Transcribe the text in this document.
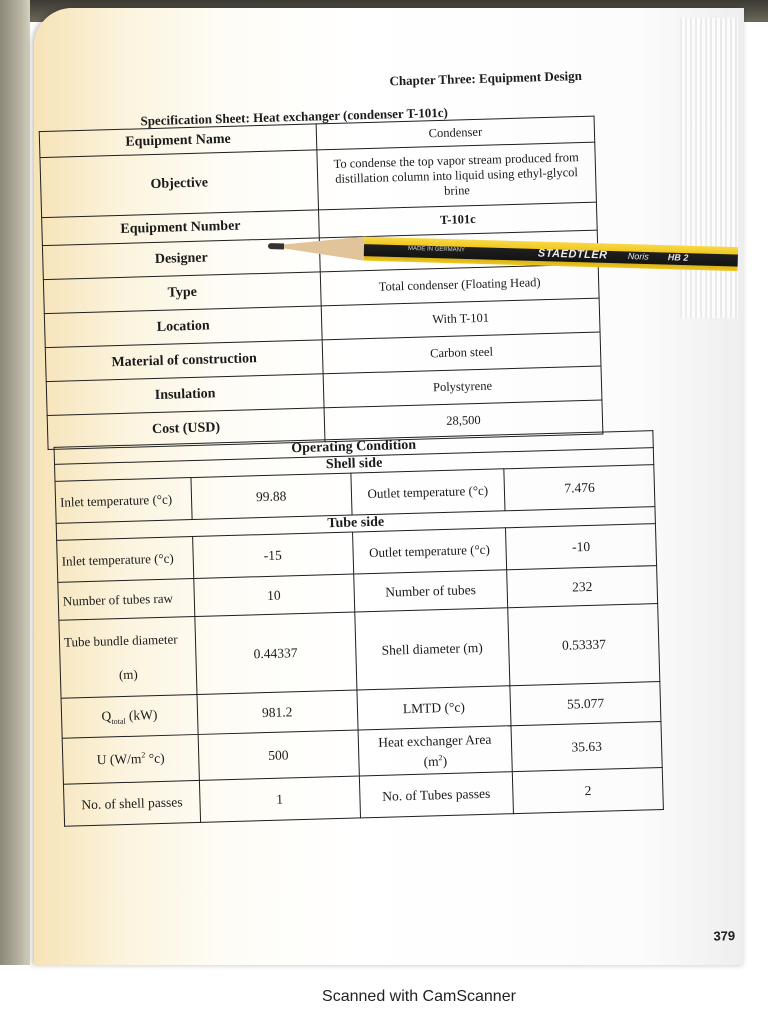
Chapter Three: Equipment Design
Specification Sheet: Heat exchanger (condenser T-101c)
Equipment Name	Condenser
Objective	To condense the top vapor stream produced from distillation column into liquid using ethyl-glycol brine
Equipment Number	T-101c
Designer	
Type	Total condenser (Floating Head)
Location	With T-101
Material of construction	Carbon steel
Insulation	Polystyrene
Cost (USD)	28,500
Operating Condition			
Shell side			
Inlet temperature (°c)	99.88	Outlet temperature (°c)	7.476
Tube side			
Inlet temperature (°c)	-15	Outlet temperature (°c)	-10
Number of tubes raw	10	Number of tubes	232

Tube bundle diameter
(m)	0.44337	Shell diameter (m)	0.53337
$Q_{total}$ (kW)	981.2	LMTD (°c)	55.077
U ($W/m^2$ °c)	500	Heat exchanger Area
$(m^2)$	35.63
No. of shell passes	1	No. of Tubes passes	2
379
MADE IN GERMANY	STAEDTLER Noris HB 2
Scanned with CamScanner
